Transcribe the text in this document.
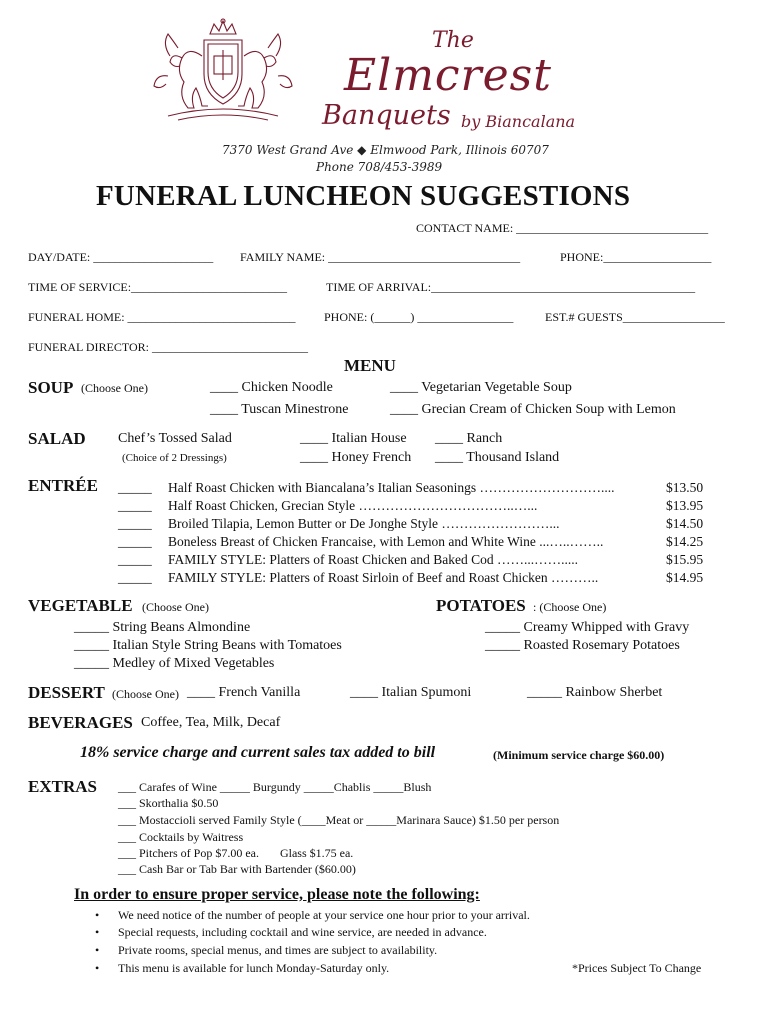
The
Elmcrest
Banquets by Biancalana
7370 West Grand Ave ◆ Elmwood Park, Illinois 60707
Phone 708/453-3989
FUNERAL LUNCHEON SUGGESTIONS
CONTACT NAME: ________________________________
DAY/DATE: ____________________ FAMILY NAME: ________________________________	PHONE:__________________
TIME OF SERVICE:__________________________	TIME OF ARRIVAL:____________________________________________
FUNERAL HOME: ____________________________ PHONE: (______) ________________	EST.# GUESTS_________________
FUNERAL DIRECTOR: __________________________
MENU
SOUP (Choose One)	____ Chicken Noodle	____ Vegetarian Vegetable Soup
____ Tuscan Minestrone	____ Grecian Cream of Chicken Soup with Lemon
SALAD Chef’s Tossed Salad
(Choice of 2 Dressings)
____ Italian House ____ Ranch
____ Honey French ____ Thousand Island
ENTRÉE _____ Half Roast Chicken with Biancalana’s Italian Seasonings ………………………....	$13.50
_____ Half Roast Chicken, Grecian Style ……………………………..…...	$13.95
_____ Broiled Tilapia, Lemon Butter or De Jonghe Style ……………………...	$14.50
_____ Boneless Breast of Chicken Francaise, with Lemon and White Wine ...…..……..	$14.25
_____ FAMILY STYLE: Platters of Roast Chicken and Baked Cod ……...…….....	$15.95
_____ FAMILY STYLE: Platters of Roast Sirloin of Beef and Roast Chicken ………..	$14.95
VEGETABLE (Choose One)
_____ String Beans Almondine
_____ Italian Style String Beans with Tomatoes
_____ Medley of Mixed Vegetables
POTATOES : (Choose One)
_____ Creamy Whipped with Gravy
_____ Roasted Rosemary Potatoes
DESSERT (Choose One) ____ French Vanilla	____ Italian Spumoni	_____ Rainbow Sherbet
BEVERAGES Coffee, Tea, Milk, Decaf
18% service charge and current sales tax added to bill	(Minimum service charge $60.00)
EXTRAS ___ Carafes of Wine _____ Burgundy _____Chablis _____Blush
___ Skorthalia $0.50
___ Mostaccioli served Family Style (____Meat or _____Marinara Sauce) $1.50 per person
___ Cocktails by Waitress
___ Pitchers of Pop $7.00 ea.       Glass $1.75 ea.
___ Cash Bar or Tab Bar with Bartender ($60.00)
In order to ensure proper service, please note the following:
• We need notice of the number of people at your service one hour prior to your arrival.
• Special requests, including cocktail and wine service, are needed in advance.
• Private rooms, special menus, and times are subject to availability.
• This menu is available for lunch Monday-Saturday only.	*Prices Subject To Change
